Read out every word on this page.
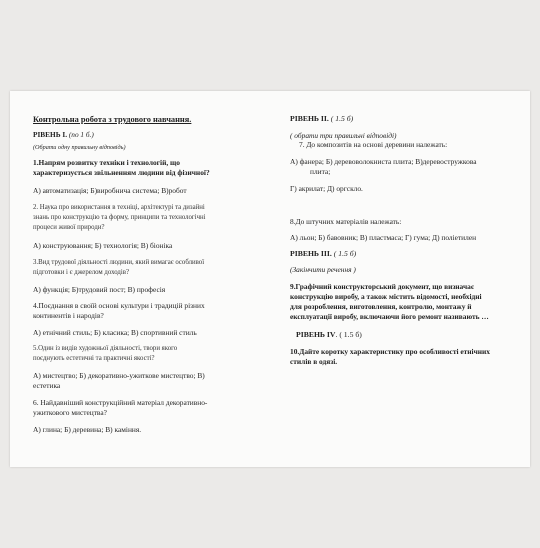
Контрольна робота з трудового навчання.
РІВЕНЬ І. (по 1 б.)
(Обрати одну правильну відповідь)
1.Напрям розвитку техніки і технологій, що
характеризується звільненням людини від фізичної?
А) автоматизація; Б)виробнича система; В)робот
2. Наука про використання в техніці, архітектурі та дизайні
знань про конструкцію та форму, принципи та технологічні
процеси живої природи?
А) конструювання; Б) технологія; В) біоніка
3.Вид трудової діяльності людини, який вимагає особливої
підготовки і є джерелом доходів?
А) функція; Б)трудовий пост; В) професія
4.Поєднання в своїй основі культури і традицій різних
континентів і народів?
А) етнічний стиль; Б) класика; В) спортивний стиль
5.Один із видів художньої діяльності, твори якого
поєднують естетичні та практичні якості?
А) мистецтво; Б) декоративно-ужиткове мистецтво; В)
естетика
6. Найдавніший конструкційний матеріал декоративно-
ужиткового мистецтва?
А) глина; Б) деревина; В) каміння.
РІВЕНЬ ІІ. ( 1.5 б)
( обрати три правильні відповіді)
7. До композитів на основі деревини належать:
А) фанера; Б) деревоволокниста плита; В)деревостружкова
плита;
Г) акрилат; Д) оргскло.
8.До штучних матеріалів належать:
А) льон; Б) бавовник; В) пластмаса; Г) гума; Д) поліетилен
РІВЕНЬ ІІІ. ( 1.5 б)
(Закінчити речення )
9.Графічний конструкторський документ, що визначає
конструкцію виробу, а також містить відомості, необхідні
для розроблення, виготовлення, контролю, монтажу й
експлуатації виробу, включаючи його ремонт називають …
РІВЕНЬ ІV. ( 1.5 б)
10.Дайте коротку характеристику про особливості етнічних
стилів в одязі.
